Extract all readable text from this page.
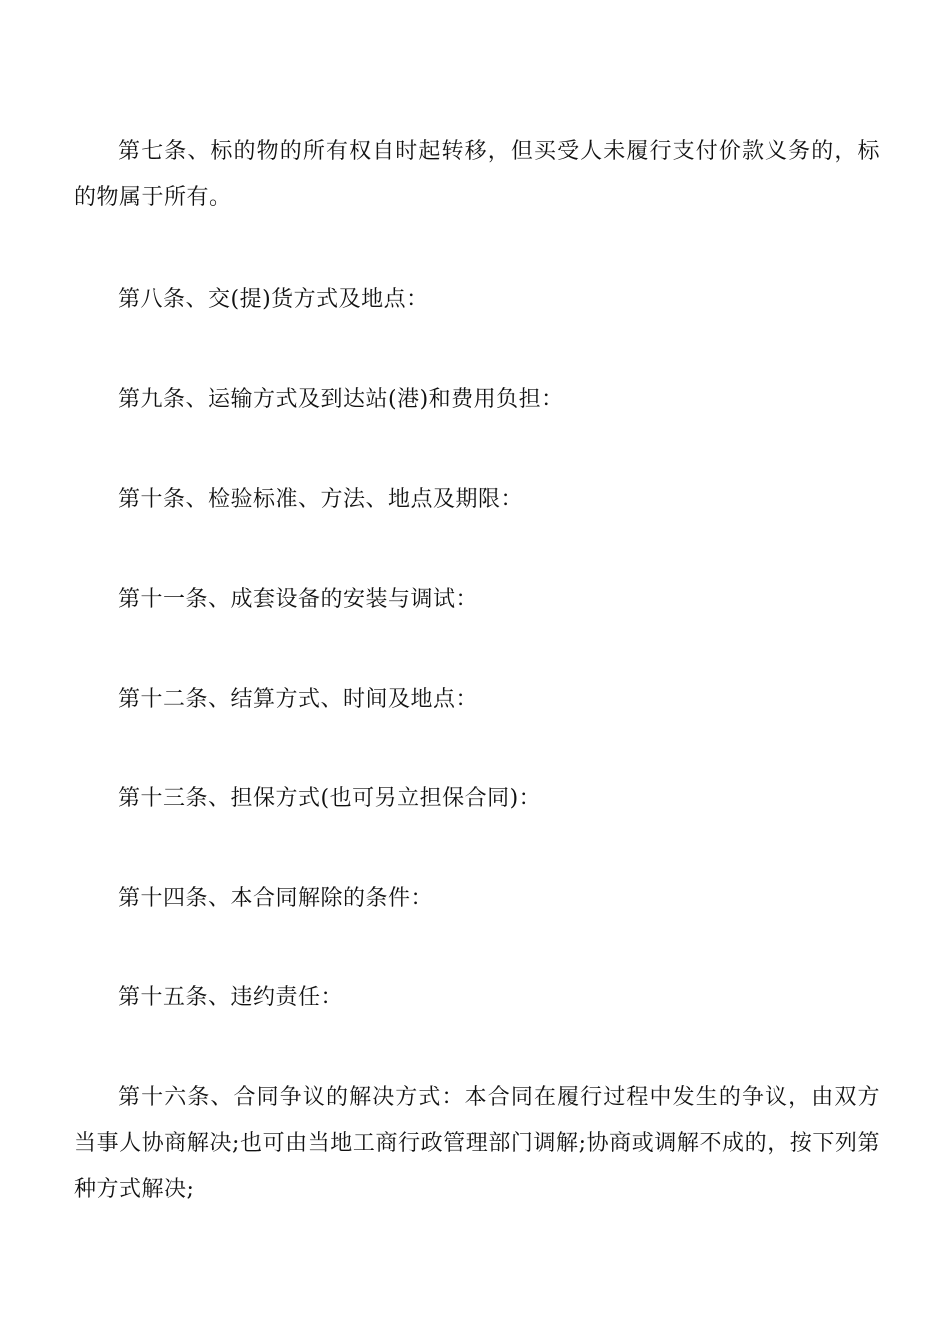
第七条、标的物的所有权自时起转移，但买受人未履行支付价款义务的，标的物属于所有。

第八条、交(提)货方式及地点：

第九条、运输方式及到达站(港)和费用负担：

第十条、检验标准、方法、地点及期限：

第十一条、成套设备的安装与调试：

第十二条、结算方式、时间及地点：

第十三条、担保方式(也可另立担保合同)：

第十四条、本合同解除的条件：

第十五条、违约责任：

第十六条、合同争议的解决方式：本合同在履行过程中发生的争议，由双方当事人协商解决;也可由当地工商行政管理部门调解;协商或调解不成的，按下列第种方式解决;
